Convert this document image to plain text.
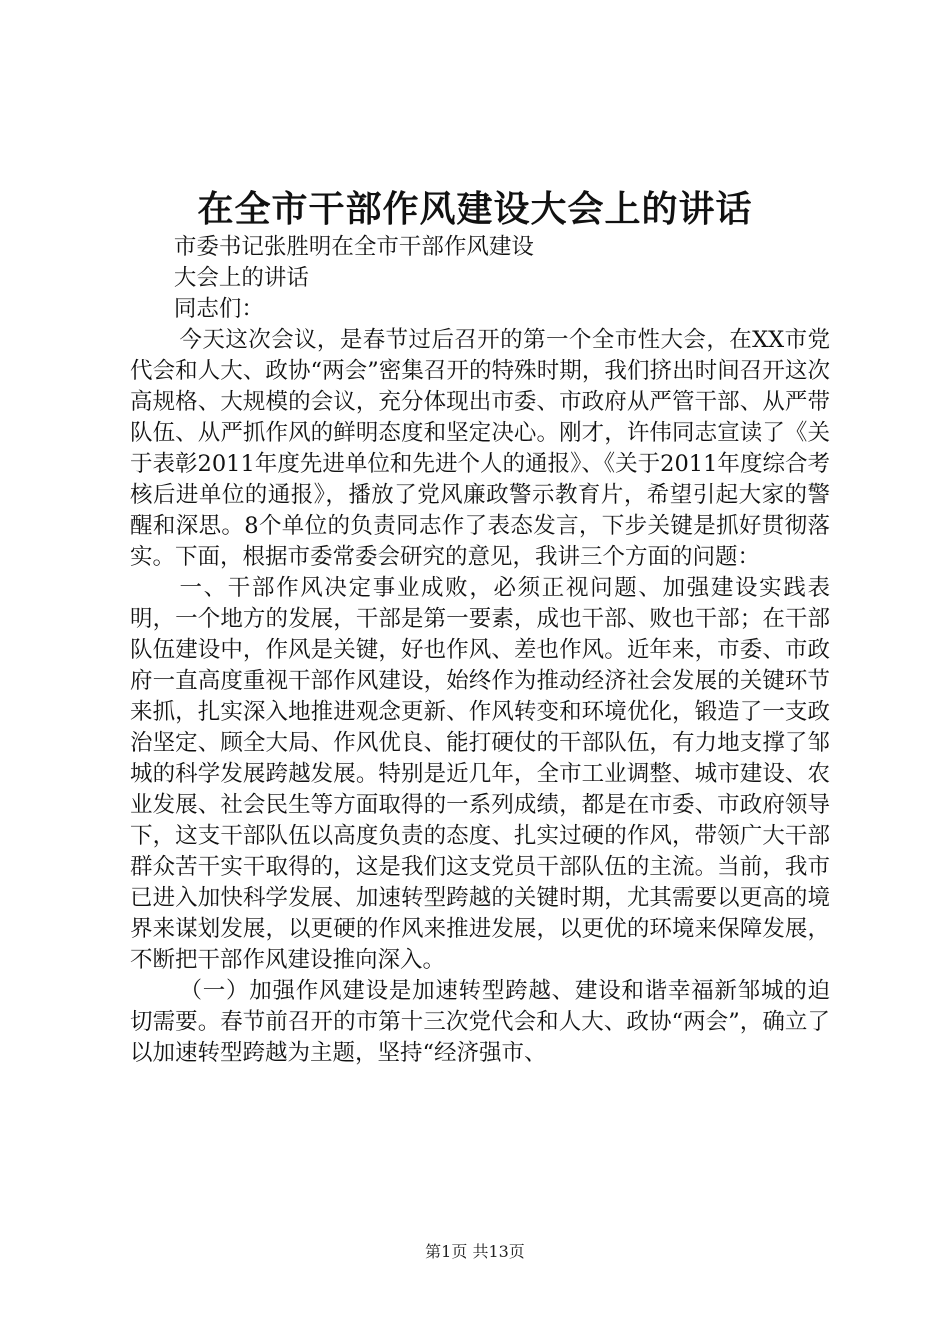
在全市干部作风建设大会上的讲话

市委书记张胜明在全市干部作风建设

大会上的讲话

同志们：

今天这次会议，是春节过后召开的第一个全市性大会，在XX市党代会和人大、政协“两会”密集召开的特殊时期，我们挤出时间召开这次高规格、大规模的会议，充分体现出市委、市政府从严管干部、从严带队伍、从严抓作风的鲜明态度和坚定决心。刚才，许伟同志宣读了《关于表彰2011年度先进单位和先进个人的通报》、《关于2011年度综合考核后进单位的通报》，播放了党风廉政警示教育片，希望引起大家的警醒和深思。8个单位的负责同志作了表态发言，下步关键是抓好贯彻落实。下面，根据市委常委会研究的意见，我讲三个方面的问题：

一、干部作风决定事业成败，必须正视问题、加强建设实践表明，一个地方的发展，干部是第一要素，成也干部、败也干部；在干部队伍建设中，作风是关键，好也作风、差也作风。近年来，市委、市政府一直高度重视干部作风建设，始终作为推动经济社会发展的关键环节来抓，扎实深入地推进观念更新、作风转变和环境优化，锻造了一支政治坚定、顾全大局、作风优良、能打硬仗的干部队伍，有力地支撑了邹城的科学发展跨越发展。特别是近几年，全市工业调整、城市建设、农业发展、社会民生等方面取得的一系列成绩，都是在市委、市政府领导下，这支干部队伍以高度负责的态度、扎实过硬的作风，带领广大干部群众苦干实干取得的，这是我们这支党员干部队伍的主流。当前，我市已进入加快科学发展、加速转型跨越的关键时期，尤其需要以更高的境界来谋划发展，以更硬的作风来推进发展，以更优的环境来保障发展，不断把干部作风建设推向深入。

（一）加强作风建设是加速转型跨越、建设和谐幸福新邹城的迫切需要。春节前召开的市第十三次党代会和人大、政协“两会”，确立了以加速转型跨越为主题，坚持“经济强市、

第1页 共13页
